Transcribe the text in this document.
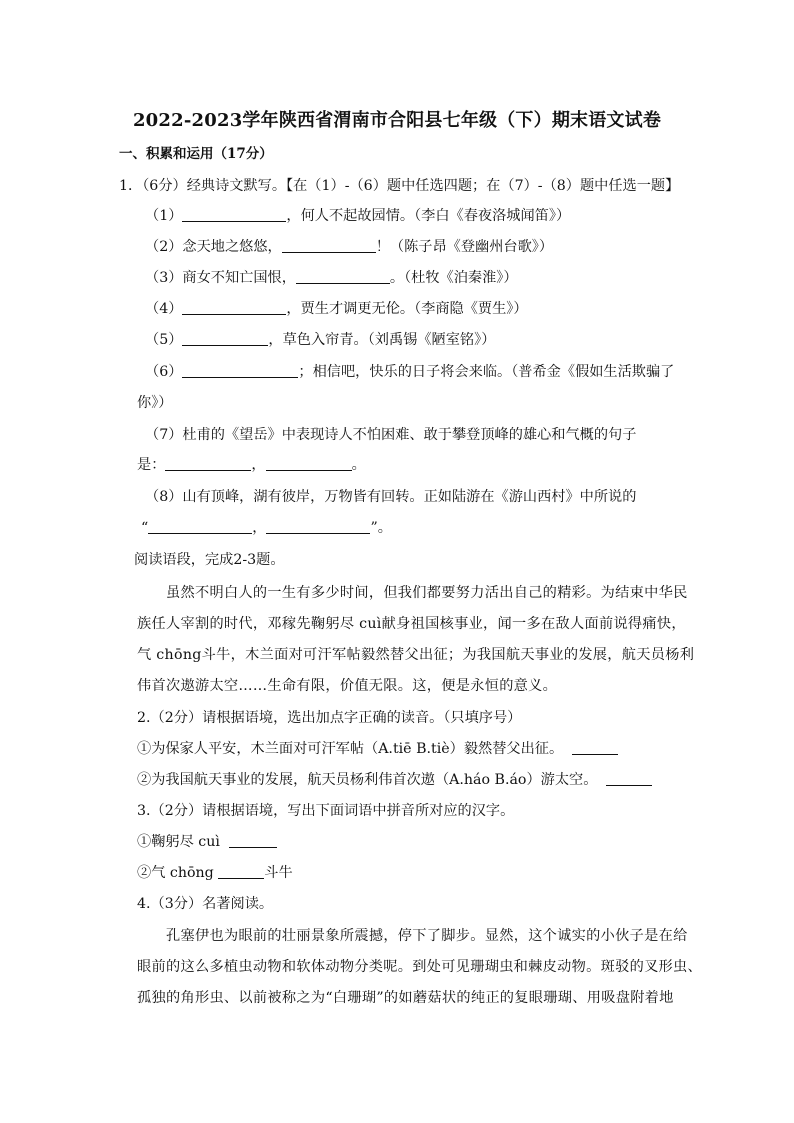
2022-2023学年陕西省渭南市合阳县七年级（下）期末语文试卷
一、积累和运用（17分）
1．（6分）经典诗文默写。【在（1）-（6）题中任选四题；在（7）-（8）题中任选一题】
（1）	，何人不起故园情。（李白《春夜洛城闻笛》）
（2）念天地之悠悠，	！（陈子昂《登幽州台歌》）
（3）商女不知亡国恨，	。（杜牧《泊秦淮》）
（4）	，贾生才调更无伦。（李商隐《贾生》）
（5）	，草色入帘青。（刘禹锡《陋室铭》）
（6）	；相信吧，快乐的日子将会来临。（普希金《假如生活欺骗了
你》）
（7）杜甫的《望岳》中表现诗人不怕困难、敢于攀登顶峰的雄心和气概的句子
是：	，	。
（8）山有顶峰，湖有彼岸，万物皆有回转。正如陆游在《游山西村》中所说的
“	，	”。
阅读语段，完成2-3题。
虽然不明白人的一生有多少时间，但我们都要努力活出自己的精彩。为结束中华民
族任人宰割的时代，邓稼先鞠躬尽 cuì献身祖国核事业，闻一多在敌人面前说得痛快，
气 chōng斗牛，木兰面对可汗军帖毅然替父出征；为我国航天事业的发展，航天员杨利
伟首次遨游太空……生命有限，价值无限。这，便是永恒的意义。
2.（2分）请根据语境，选出加点字正确的读音。（只填序号）
①为保家人平安，木兰面对可汗军帖（A.tiē B.tiè）毅然替父出征。
②为我国航天事业的发展，航天员杨利伟首次遨（A.háo B.áo）游太空。
3.（2分）请根据语境，写出下面词语中拼音所对应的汉字。
①鞠躬尽 cuì
②气 chōng	斗牛
4.（3分）名著阅读。
孔塞伊也为眼前的壮丽景象所震撼，停下了脚步。显然，这个诚实的小伙子是在给
眼前的这么多植虫动物和软体动物分类呢。到处可见珊瑚虫和棘皮动物。斑驳的叉形虫、
孤独的角形虫、以前被称之为“白珊瑚”的如蘑菇状的纯正的复眼珊瑚、用吸盘附着地
